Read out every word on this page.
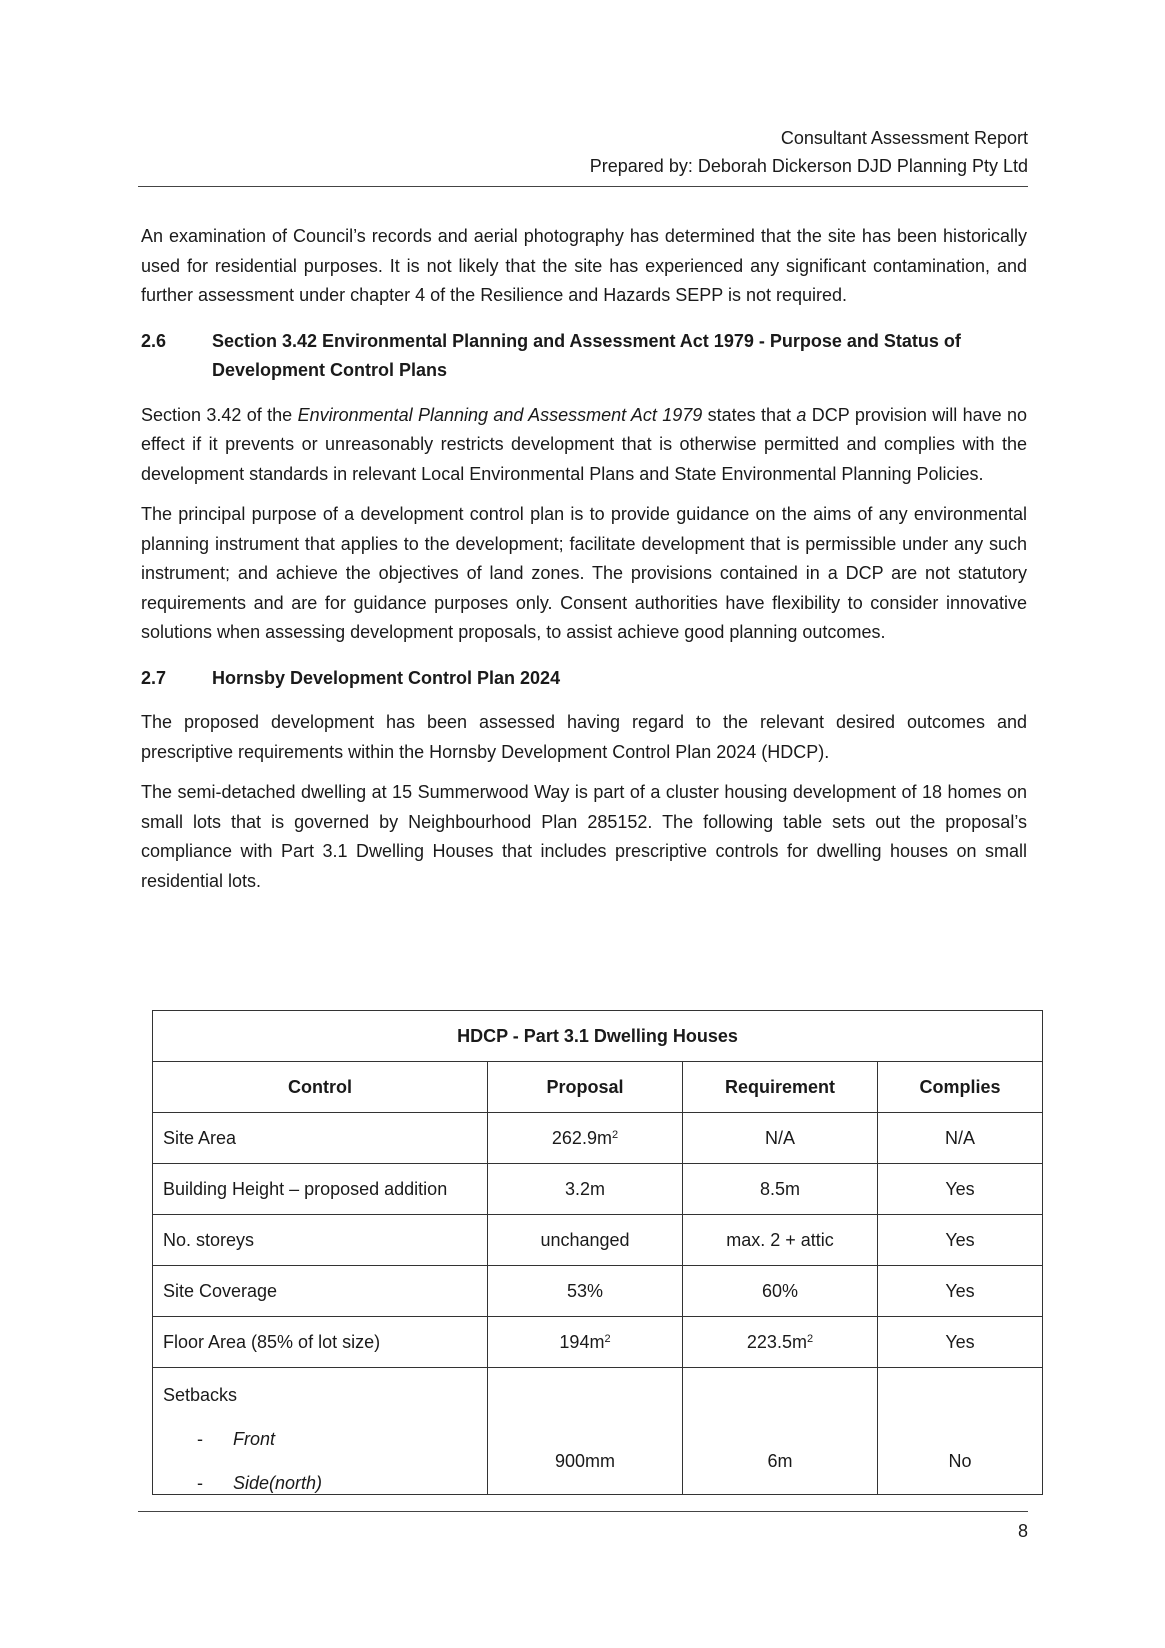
Consultant Assessment Report
Prepared by: Deborah Dickerson DJD Planning Pty Ltd

An examination of Council’s records and aerial photography has determined that the site has been historically used for residential purposes. It is not likely that the site has experienced any significant contamination, and further assessment under chapter 4 of the Resilience and Hazards SEPP is not required.

2.6	Section 3.42 Environmental Planning and Assessment Act 1979 - Purpose and Status of Development Control Plans

Section 3.42 of the Environmental Planning and Assessment Act 1979 states that a DCP provision will have no effect if it prevents or unreasonably restricts development that is otherwise permitted and complies with the development standards in relevant Local Environmental Plans and State Environmental Planning Policies.

The principal purpose of a development control plan is to provide guidance on the aims of any environmental planning instrument that applies to the development; facilitate development that is permissible under any such instrument; and achieve the objectives of land zones. The provisions contained in a DCP are not statutory requirements and are for guidance purposes only. Consent authorities have flexibility to consider innovative solutions when assessing development proposals, to assist achieve good planning outcomes.

2.7	Hornsby Development Control Plan 2024

The proposed development has been assessed having regard to the relevant desired outcomes and prescriptive requirements within the Hornsby Development Control Plan 2024 (HDCP).

The semi-detached dwelling at 15 Summerwood Way is part of a cluster housing development of 18 homes on small lots that is governed by Neighbourhood Plan 285152. The following table sets out the proposal’s compliance with Part 3.1 Dwelling Houses that includes prescriptive controls for dwelling houses on small residential lots.

HDCP - Part 3.1 Dwelling Houses			
Control	Proposal	Requirement	Complies
Site Area	$262.9m^2$	N/A	N/A
Building Height – proposed addition	3.2m	8.5m	Yes
No. storeys	unchanged	max. 2 + attic	Yes
Site Coverage	53%	60%	Yes
Floor Area (85% of lot size)	$194m^2$	$223.5m^2$	Yes

Setbacks
- Front
- Side(north)	900mm	6m	No
8
